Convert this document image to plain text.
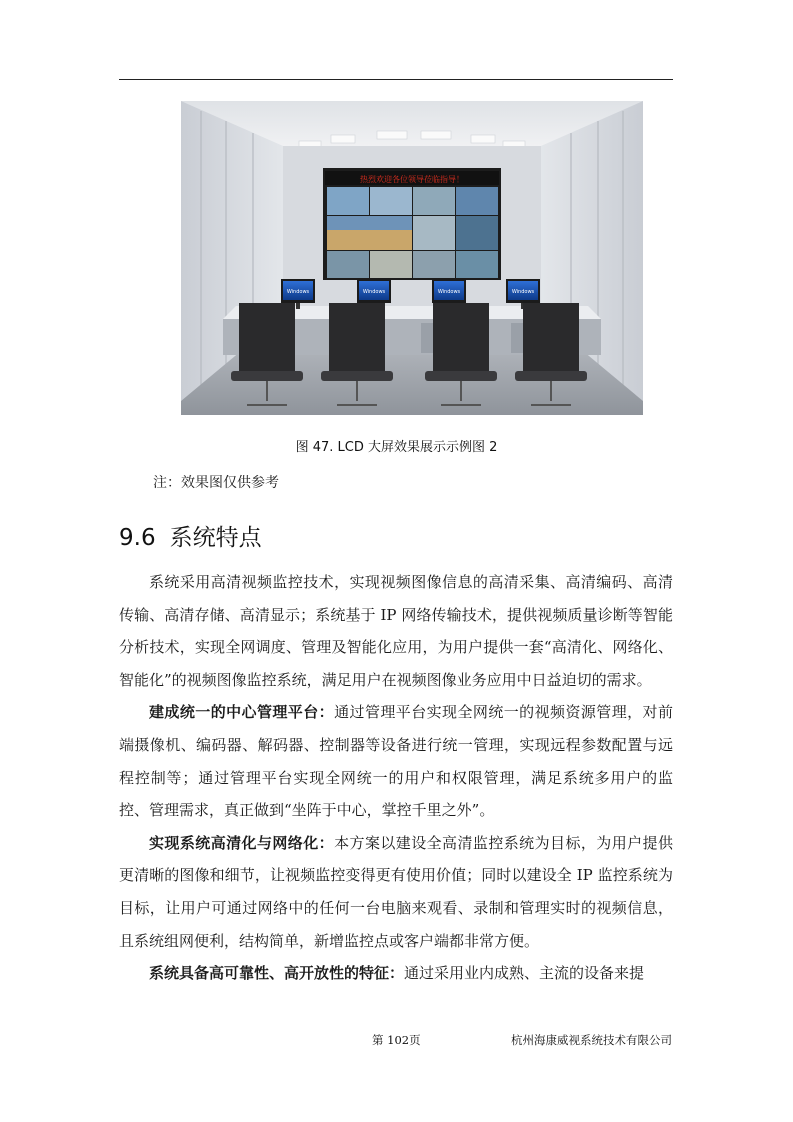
热烈欢迎各位领导莅临指导！
Windows	Windows	Windows	Windows
图 47. LCD 大屏效果展示示例图 2
注：效果图仅供参考
9.6 系统特点

系统采用高清视频监控技术，实现视频图像信息的高清采集、高清编码、高清传输、高清存储、高清显示；系统基于 IP 网络传输技术，提供视频质量诊断等智能分析技术，实现全网调度、管理及智能化应用，为用户提供一套“高清化、网络化、智能化”的视频图像监控系统，满足用户在视频图像业务应用中日益迫切的需求。

建成统一的中心管理平台：通过管理平台实现全网统一的视频资源管理，对前端摄像机、编码器、解码器、控制器等设备进行统一管理，实现远程参数配置与远程控制等；通过管理平台实现全网统一的用户和权限管理，满足系统多用户的监控、管理需求，真正做到“坐阵于中心，掌控千里之外”。

实现系统高清化与网络化：本方案以建设全高清监控系统为目标，为用户提供更清晰的图像和细节，让视频监控变得更有使用价值；同时以建设全 IP 监控系统为目标，让用户可通过网络中的任何一台电脑来观看、录制和管理实时的视频信息，且系统组网便利，结构简单，新增监控点或客户端都非常方便。

系统具备高可靠性、高开放性的特征：通过采用业内成熟、主流的设备来提

第 102页	杭州海康威视系统技术有限公司
